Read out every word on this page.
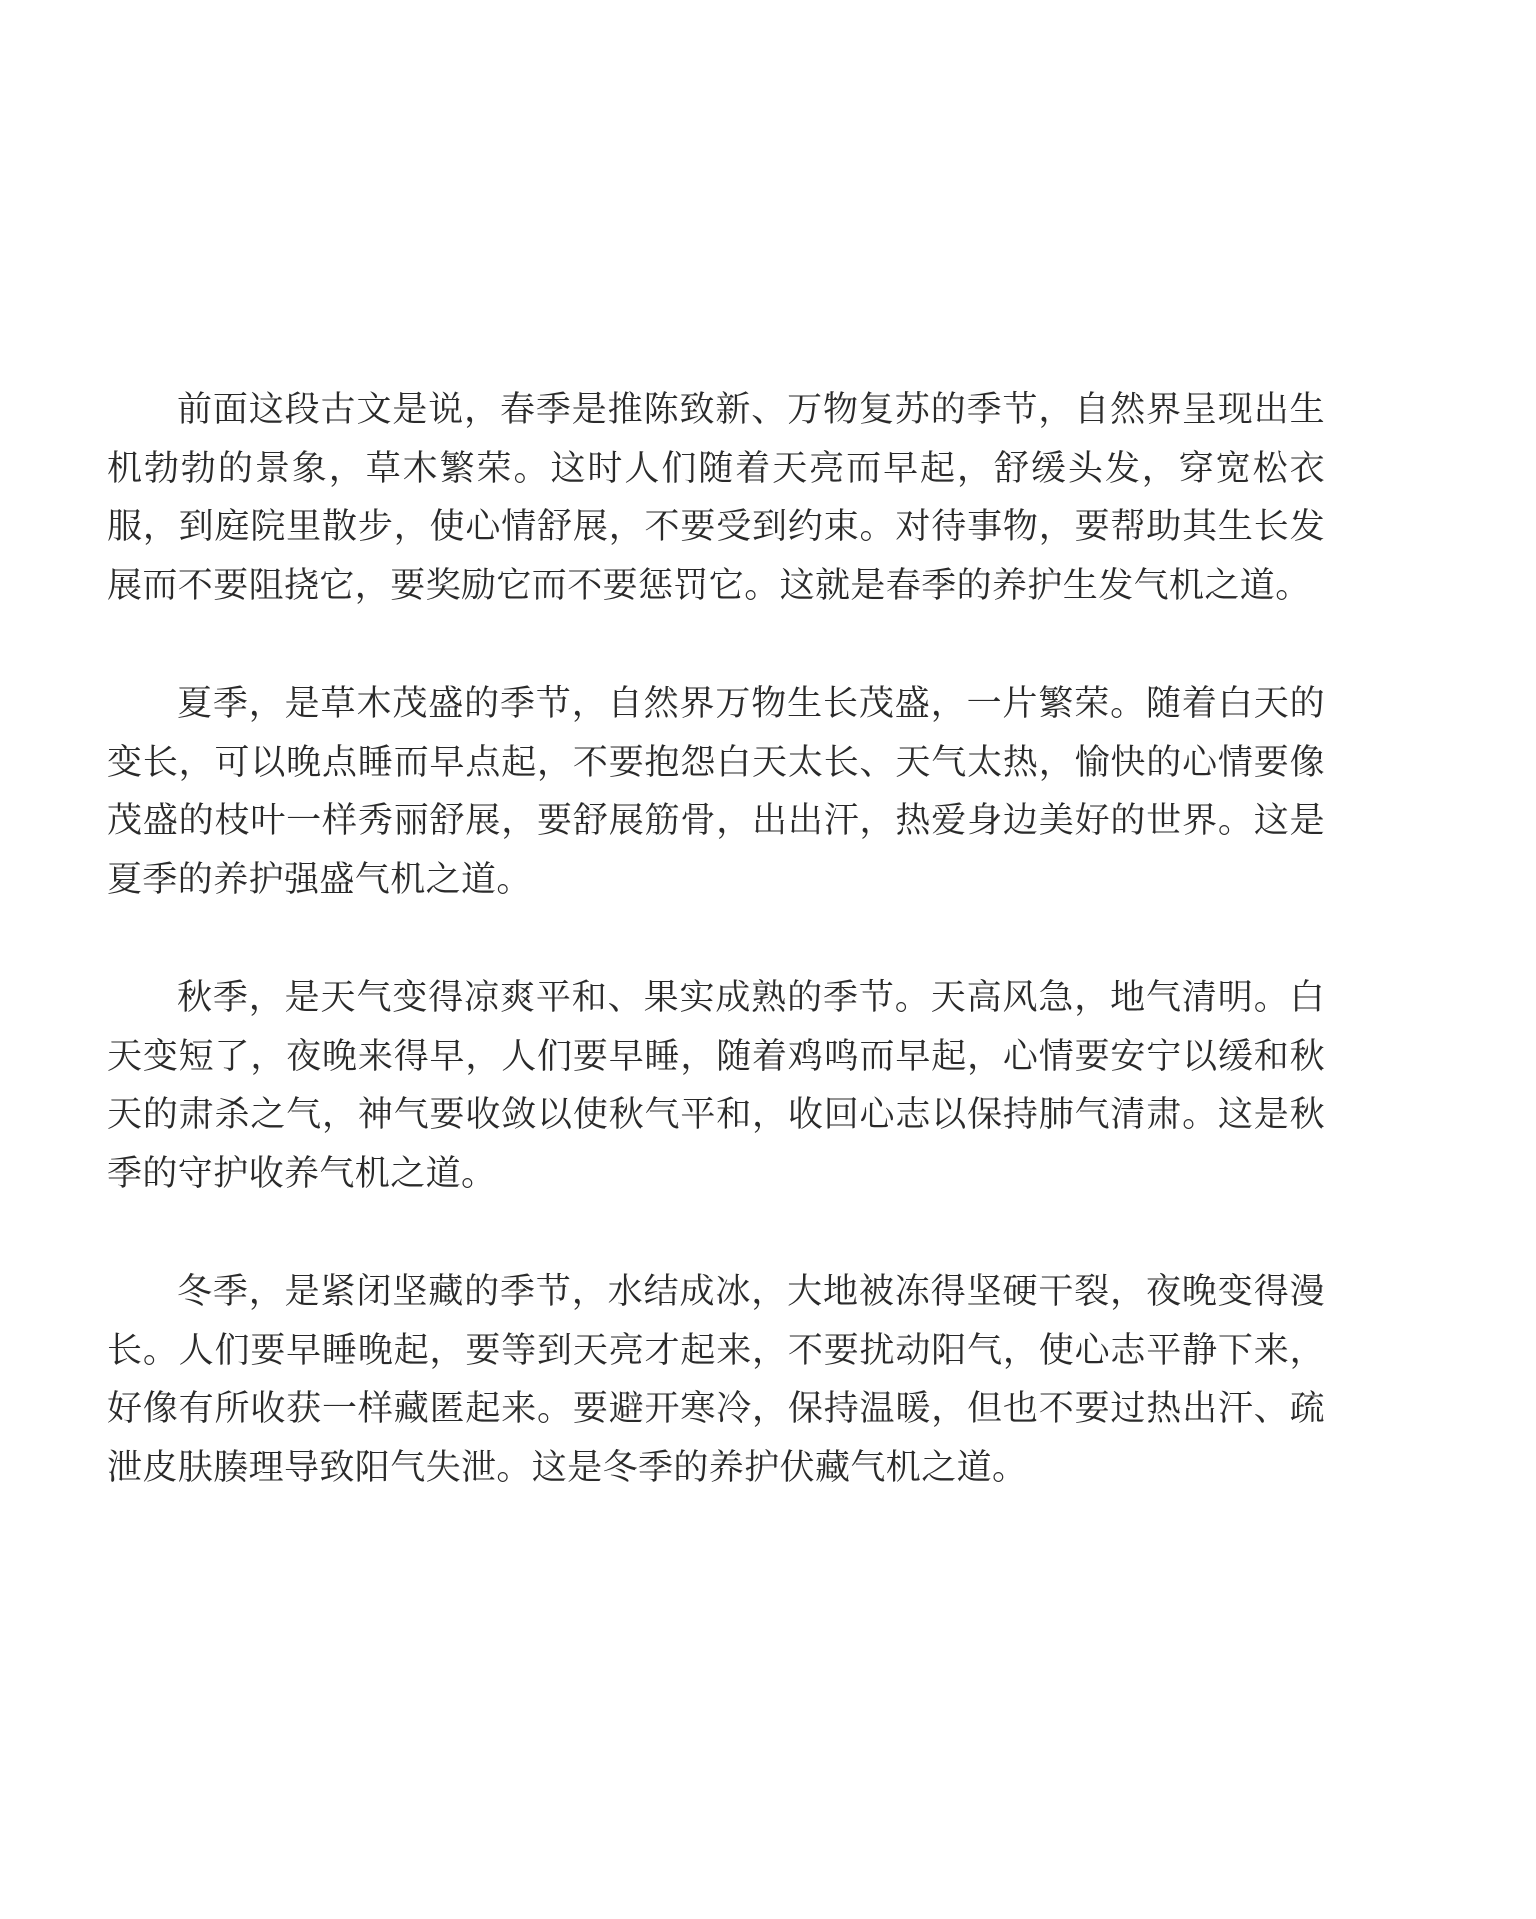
前面这段古文是说，春季是推陈致新、万物复苏的季节，自然界呈现出生机勃勃的景象，草木繁荣。这时人们随着天亮而早起，舒缓头发，穿宽松衣服，到庭院里散步，使心情舒展，不要受到约束。对待事物，要帮助其生长发展而不要阻挠它，要奖励它而不要惩罚它。这就是春季的养护生发气机之道。

夏季，是草木茂盛的季节，自然界万物生长茂盛，一片繁荣。随着白天的变长，可以晚点睡而早点起，不要抱怨白天太长、天气太热，愉快的心情要像茂盛的枝叶一样秀丽舒展，要舒展筋骨，出出汗，热爱身边美好的世界。这是夏季的养护强盛气机之道。

秋季，是天气变得凉爽平和、果实成熟的季节。天高风急，地气清明。白天变短了，夜晚来得早，人们要早睡，随着鸡鸣而早起，心情要安宁以缓和秋天的肃杀之气，神气要收敛以使秋气平和，收回心志以保持肺气清肃。这是秋季的守护收养气机之道。

冬季，是紧闭坚藏的季节，水结成冰，大地被冻得坚硬干裂，夜晚变得漫长。人们要早睡晚起，要等到天亮才起来，不要扰动阳气，使心志平静下来，好像有所收获一样藏匿起来。要避开寒冷，保持温暖，但也不要过热出汗、疏泄皮肤腠理导致阳气失泄。这是冬季的养护伏藏气机之道。
